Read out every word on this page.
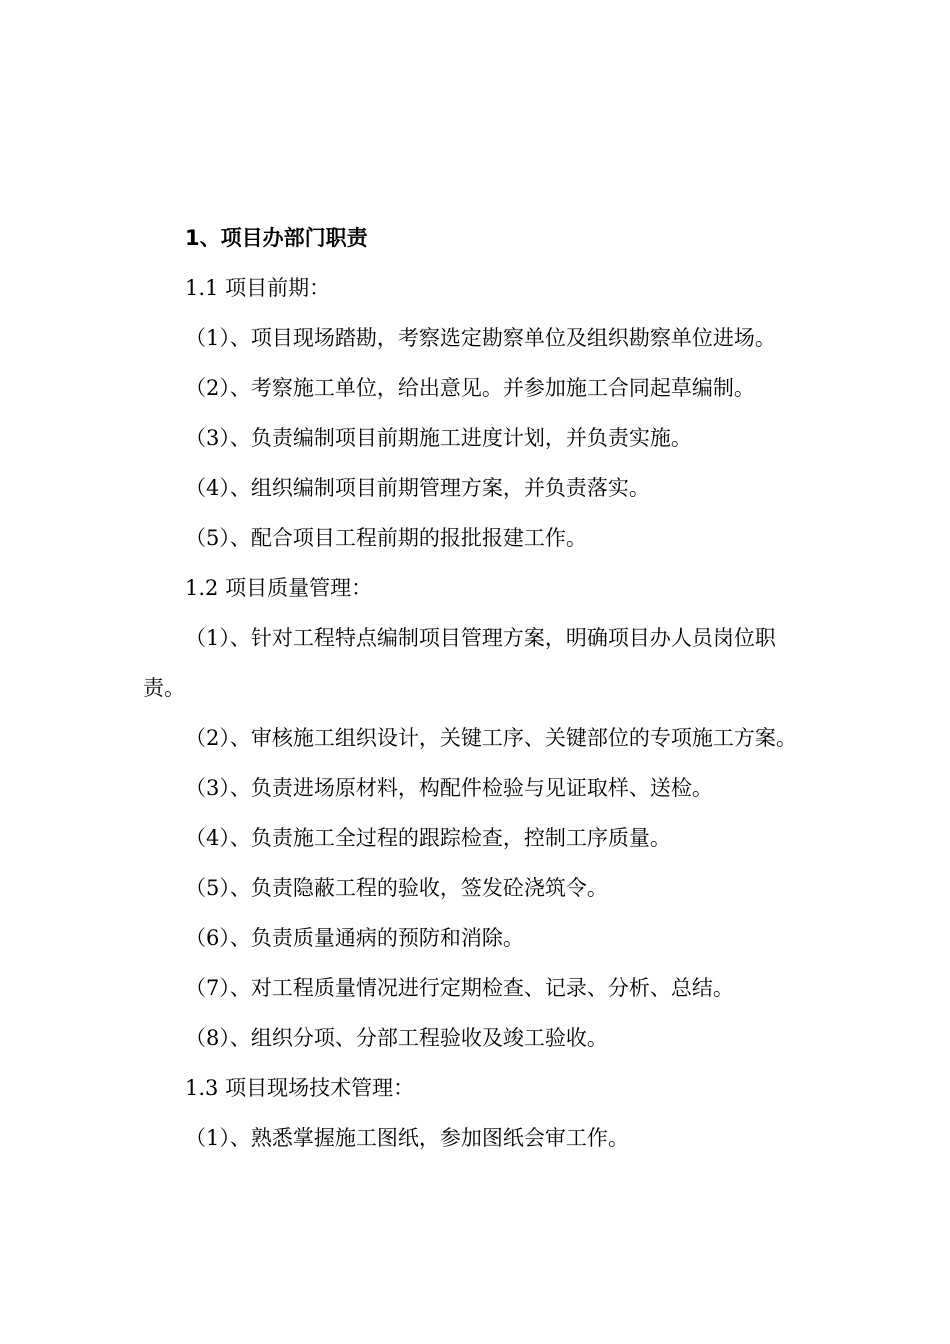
1、项目办部门职责

1.1 项目前期：

（1）、项目现场踏勘，考察选定勘察单位及组织勘察单位进场。

（2）、考察施工单位，给出意见。并参加施工合同起草编制。

（3）、负责编制项目前期施工进度计划，并负责实施。

（4）、组织编制项目前期管理方案，并负责落实。

（5）、配合项目工程前期的报批报建工作。

1.2 项目质量管理：

（1）、针对工程特点编制项目管理方案，明确项目办人员岗位职责。

（2）、审核施工组织设计，关键工序、关键部位的专项施工方案。

（3）、负责进场原材料，构配件检验与见证取样、送检。

（4）、负责施工全过程的跟踪检查，控制工序质量。

（5）、负责隐蔽工程的验收，签发砼浇筑令。

（6）、负责质量通病的预防和消除。

（7）、对工程质量情况进行定期检查、记录、分析、总结。

（8）、组织分项、分部工程验收及竣工验收。

1.3 项目现场技术管理：

（1）、熟悉掌握施工图纸，参加图纸会审工作。
